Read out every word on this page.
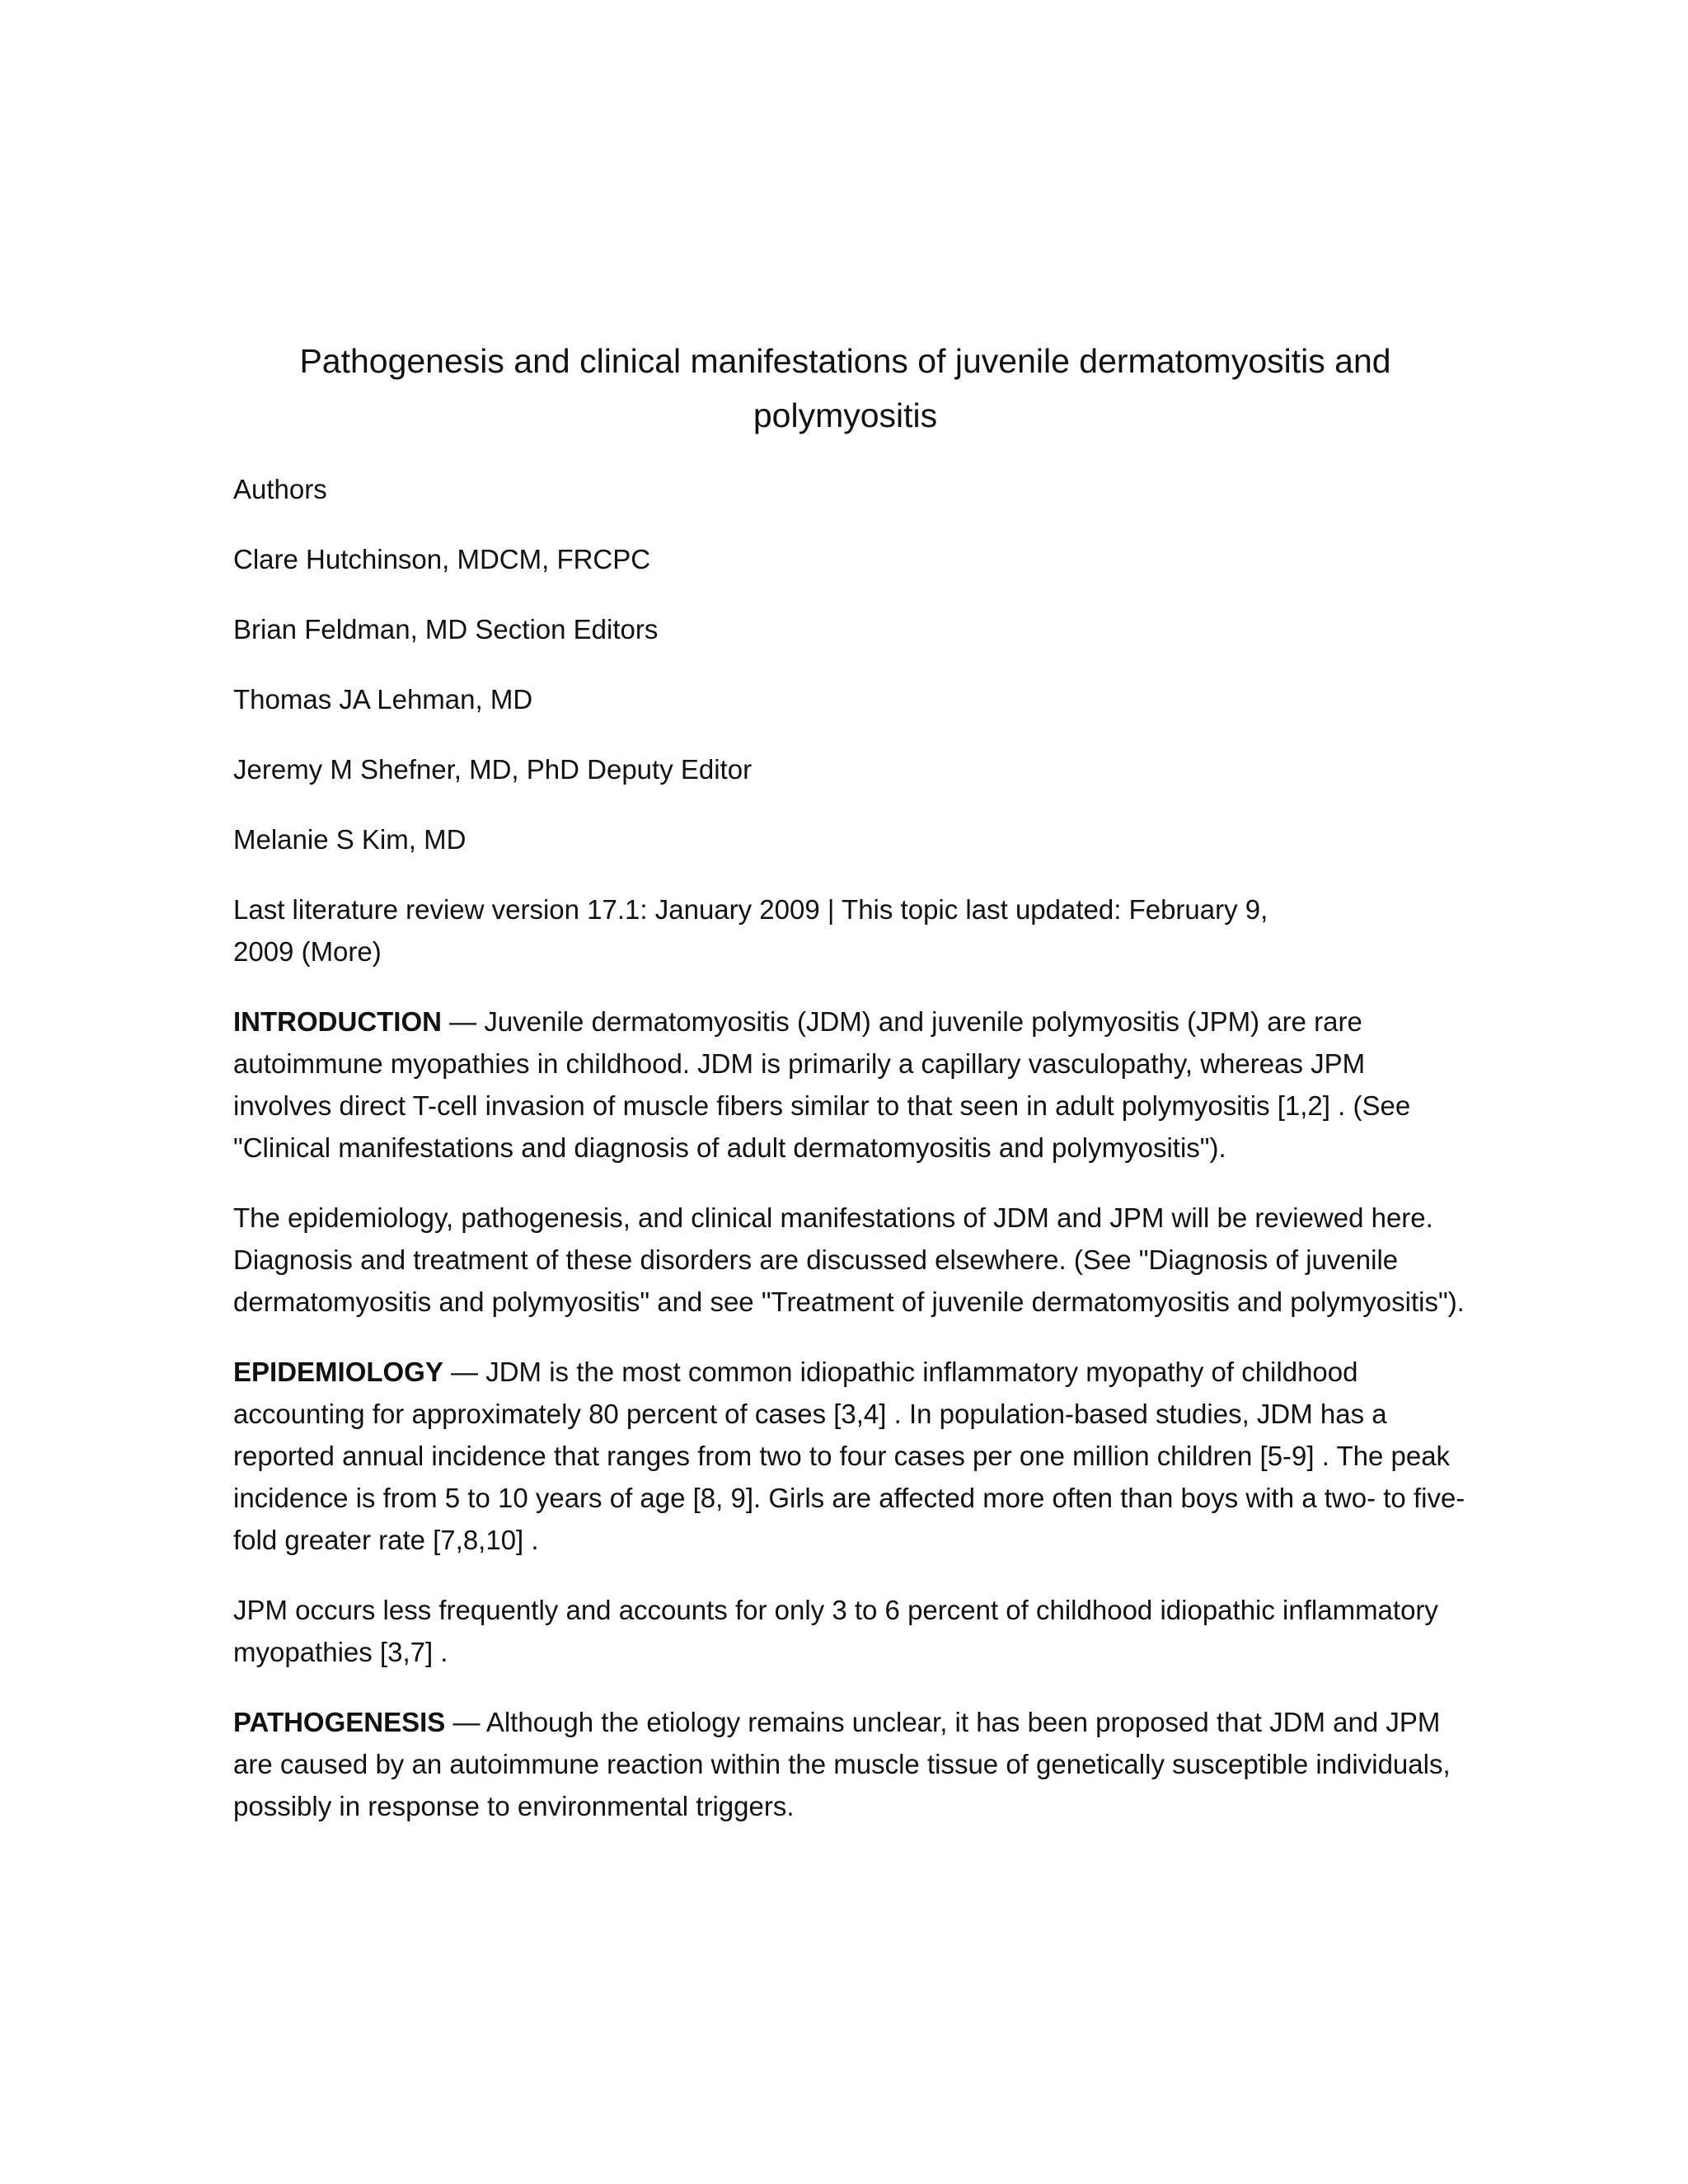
Pathogenesis and clinical manifestations of juvenile dermatomyositis and polymyositis

Authors

Clare Hutchinson, MDCM, FRCPC

Brian Feldman, MD Section Editors

Thomas JA Lehman, MD

Jeremy M Shefner, MD, PhD Deputy Editor

Melanie S Kim, MD

Last literature review version 17.1: January 2009 | This topic last updated: February 9, 2009 (More)

INTRODUCTION — Juvenile dermatomyositis (JDM) and juvenile polymyositis (JPM) are rare autoimmune myopathies in childhood. JDM is primarily a capillary vasculopathy, whereas JPM involves direct T-cell invasion of muscle fibers similar to that seen in adult polymyositis [1,2] . (See "Clinical manifestations and diagnosis of adult dermatomyositis and polymyositis").

The epidemiology, pathogenesis, and clinical manifestations of JDM and JPM will be reviewed here. Diagnosis and treatment of these disorders are discussed elsewhere. (See "Diagnosis of juvenile dermatomyositis and polymyositis" and see "Treatment of juvenile dermatomyositis and polymyositis").

EPIDEMIOLOGY — JDM is the most common idiopathic inflammatory myopathy of childhood accounting for approximately 80 percent of cases [3,4] . In population-based studies, JDM has a reported annual incidence that ranges from two to four cases per one million children [5-9] . The peak incidence is from 5 to 10 years of age [8, 9]. Girls are affected more often than boys with a two- to five-fold greater rate [7,8,10] .

JPM occurs less frequently and accounts for only 3 to 6 percent of childhood idiopathic inflammatory myopathies [3,7] .

PATHOGENESIS — Although the etiology remains unclear, it has been proposed that JDM and JPM are caused by an autoimmune reaction within the muscle tissue of genetically susceptible individuals, possibly in response to environmental triggers.
